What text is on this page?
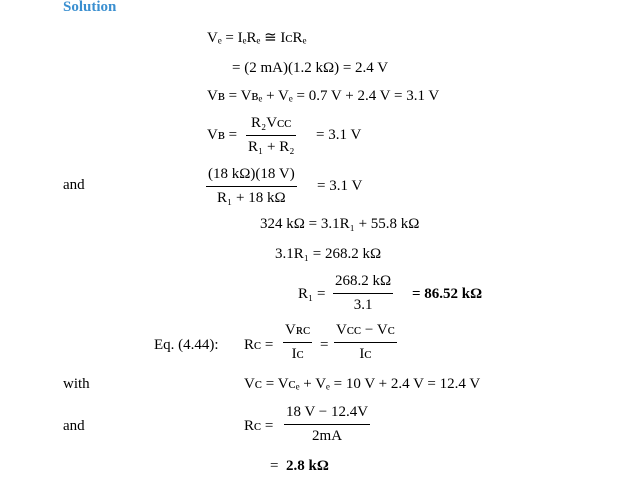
Solution
Vₑ = IₑRₑ ≅ IᴄRₑ
= (2 mA)(1.2 kΩ) = 2.4 V
Vʙ = Vʙₑ + Vₑ = 0.7 V + 2.4 V = 3.1 V
Vʙ =
R₂Vᴄᴄ
R₁ + R₂
= 3.1 V
and	$\frac{(18 k\Omega)(18 V)}{\text{R₁ + 18 kΩ}} = 3.1$ V
324 kΩ = 3.1R₁ + 55.8 kΩ
3.1R₁ = 268.2 kΩ
$R_1 = \frac{268.2 k\Omega}{3.1} = 86.52$ kΩ
Eq. (4.44): Rᴄ =
Vʀᴄ
Iᴄ
=
Vᴄᴄ − Vᴄ
Iᴄ
with	Vᴄ = Vᴄₑ + Vₑ = 10 V + 2.4 V = 12.4 V
and	Rᴄ = $\frac{18 V - 12.4V}{2mA}$
= 2.8 kΩ
